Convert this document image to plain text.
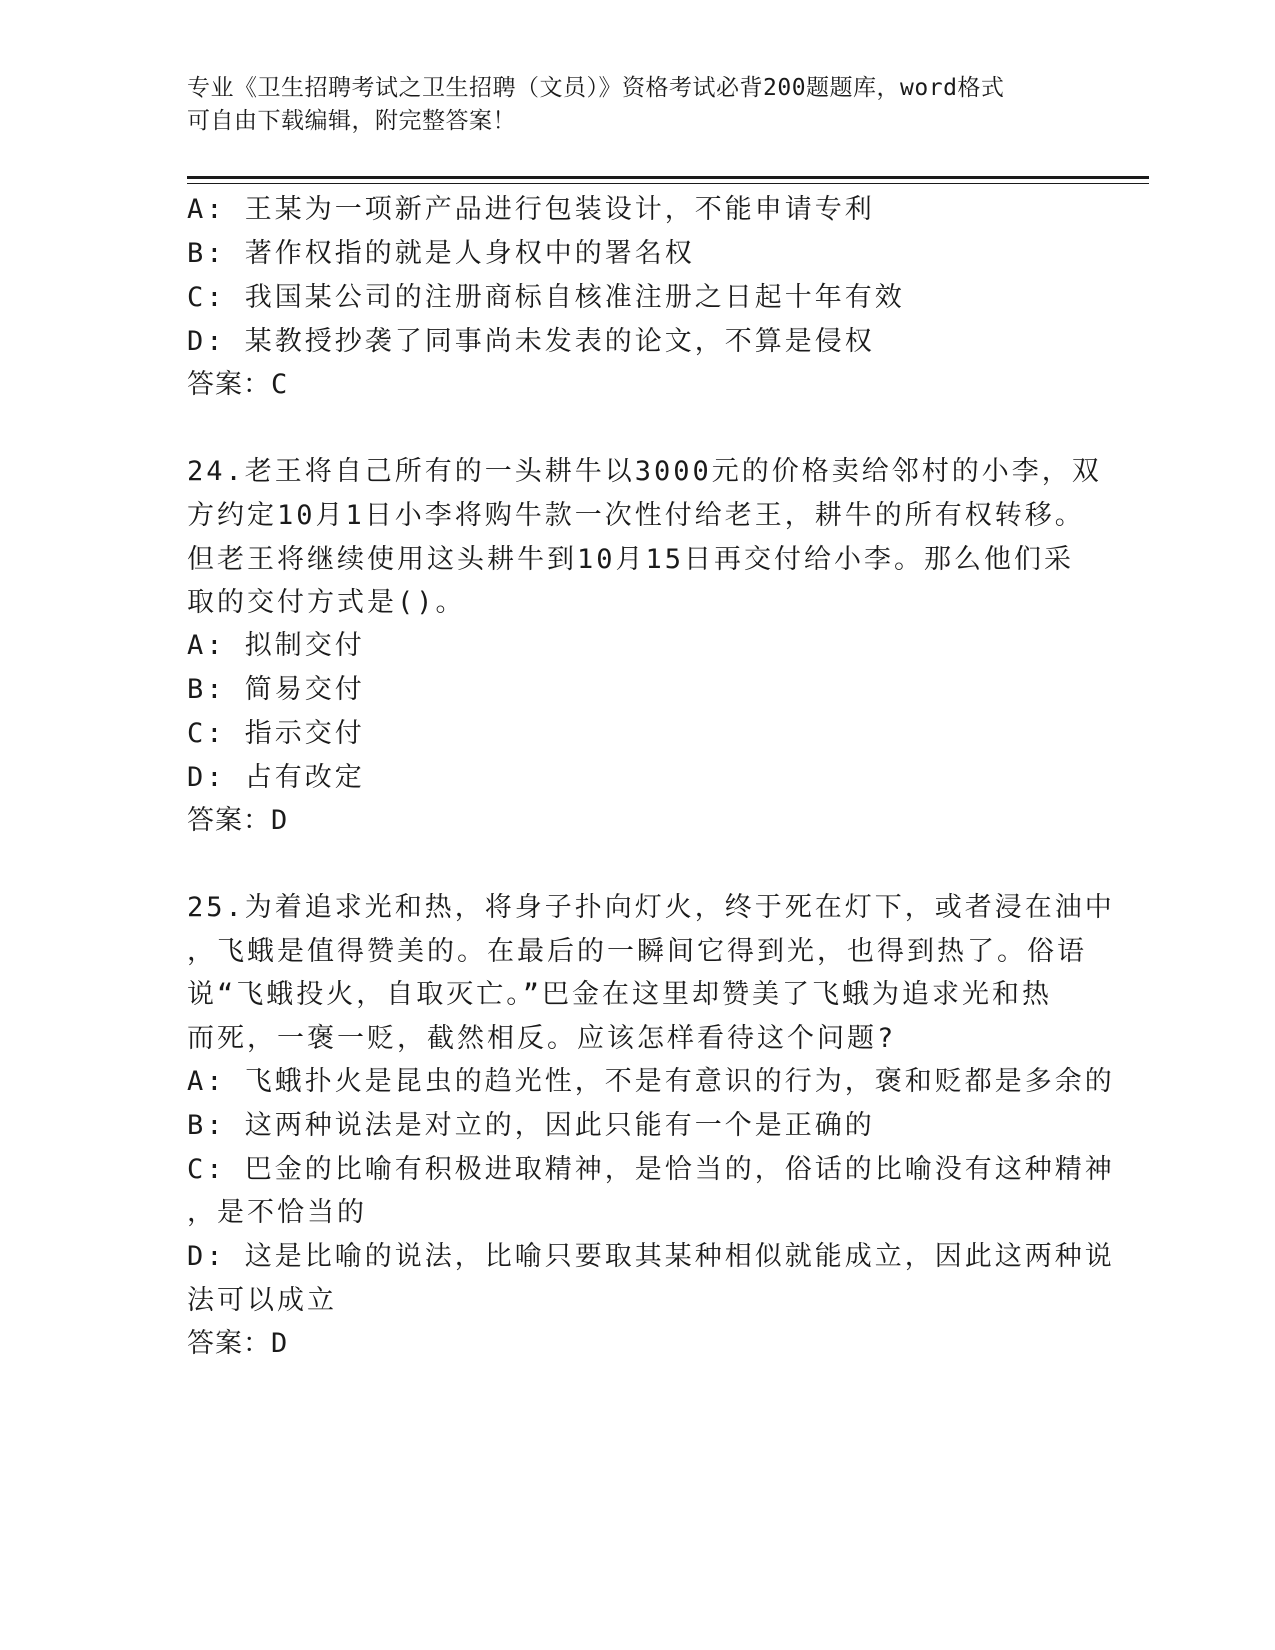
专业《卫生招聘考试之卫生招聘（文员）》资格考试必背200题题库，word格式
可自由下载编辑，附完整答案！
A: 王某为一项新产品进行包装设计，不能申请专利
B: 著作权指的就是人身权中的署名权
C: 我国某公司的注册商标自核准注册之日起十年有效
D: 某教授抄袭了同事尚未发表的论文，不算是侵权
答案：C
24.老王将自己所有的一头耕牛以3000元的价格卖给邻村的小李，双
方约定10月1日小李将购牛款一次性付给老王，耕牛的所有权转移。
但老王将继续使用这头耕牛到10月15日再交付给小李。那么他们采
取的交付方式是()。
A: 拟制交付
B: 简易交付
C: 指示交付
D: 占有改定
答案：D
25.为着追求光和热，将身子扑向灯火，终于死在灯下，或者浸在油中
，飞蛾是值得赞美的。在最后的一瞬间它得到光，也得到热了。俗语
说“飞蛾投火，自取灭亡。”巴金在这里却赞美了飞蛾为追求光和热
而死，一褒一贬，截然相反。应该怎样看待这个问题?
A: 飞蛾扑火是昆虫的趋光性，不是有意识的行为，褒和贬都是多余的
B: 这两种说法是对立的，因此只能有一个是正确的
C: 巴金的比喻有积极进取精神，是恰当的，俗话的比喻没有这种精神
，是不恰当的
D: 这是比喻的说法，比喻只要取其某种相似就能成立，因此这两种说
法可以成立
答案：D
